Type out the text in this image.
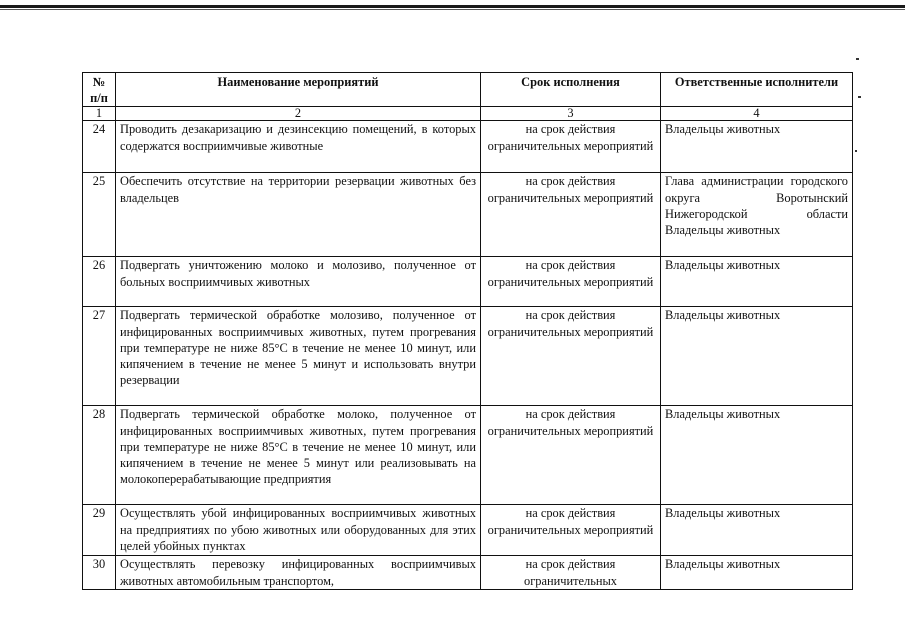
№ п/п	Наименование мероприятий	Срок исполнения	Ответственные исполнители
1	2	3	4
24	Проводить дезакаризацию и дезинсекцию помещений, в которых содержатся восприимчивые животные	на срок действия ограничительных мероприятий	Владельцы животных
25	Обеспечить отсутствие на территории резервации животных без владельцев	на срок действия ограничительных мероприятий	Глава администрации городского округа Воротынский Нижегородской области Владельцы животных
26	Подвергать уничтожению молоко и молозиво, полученное от больных восприимчивых животных	на срок действия ограничительных мероприятий	Владельцы животных
27	Подвергать термической обработке молозиво, полученное от инфицированных восприимчивых животных, путем прогревания при температуре не ниже 85°C в течение не менее 10 минут, или кипячением в течение не менее 5 минут и использовать внутри резервации	на срок действия ограничительных мероприятий	Владельцы животных
28	Подвергать термической обработке молоко, полученное от инфицированных восприимчивых животных, путем прогревания при температуре не ниже 85°C в течение не менее 10 минут, или кипячением в течение не менее 5 минут или реализовывать на молокоперерабатывающие предприятия	на срок действия ограничительных мероприятий	Владельцы животных
29	Осуществлять убой инфицированных восприимчивых животных на предприятиях по убою животных или оборудованных для этих целей убойных пунктах	на срок действия ограничительных мероприятий	Владельцы животных
30	Осуществлять перевозку инфицированных восприимчивых животных автомобильным транспортом,	на срок действия ограничительных	Владельцы животных
